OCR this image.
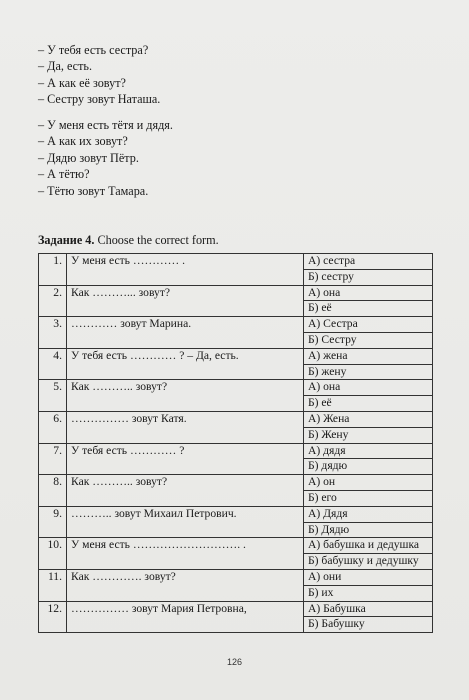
– У тебя есть сестра?
– Да, есть.
– А как её зовут?
– Сестру зовут Наташа.
– У меня есть тётя и дядя.
– А как их зовут?
– Дядю зовут Пётр.
– А тётю?
– Тётю зовут Тамара.
Задание 4. Choose the correct form.
1.	У меня есть ………… .	А) сестра
		Б) сестру
2.	Как ………... зовут?	А) она
		Б) её
3.	………… зовут Марина.	А) Сестра
		Б) Сестру
4.	У тебя есть ………… ? – Да, есть.	А) жена
		Б) жену
5.	Как ……….. зовут?	А) она
		Б) её
6.	…………… зовут Катя.	А) Жена
		Б) Жену
7.	У тебя есть ………… ?	А) дядя
		Б) дядю
8.	Как ……….. зовут?	А) он
		Б) его
9.	……….. зовут Михаил Петрович.	А) Дядя
		Б) Дядю
10.	У меня есть ………………………. .	А) бабушка и дедушка
		Б) бабушку и дедушку
11.	Как …………. зовут?	А) они
		Б) их
12.	…………… зовут Мария Петровна,	А) Бабушка
		Б) Бабушку
126
